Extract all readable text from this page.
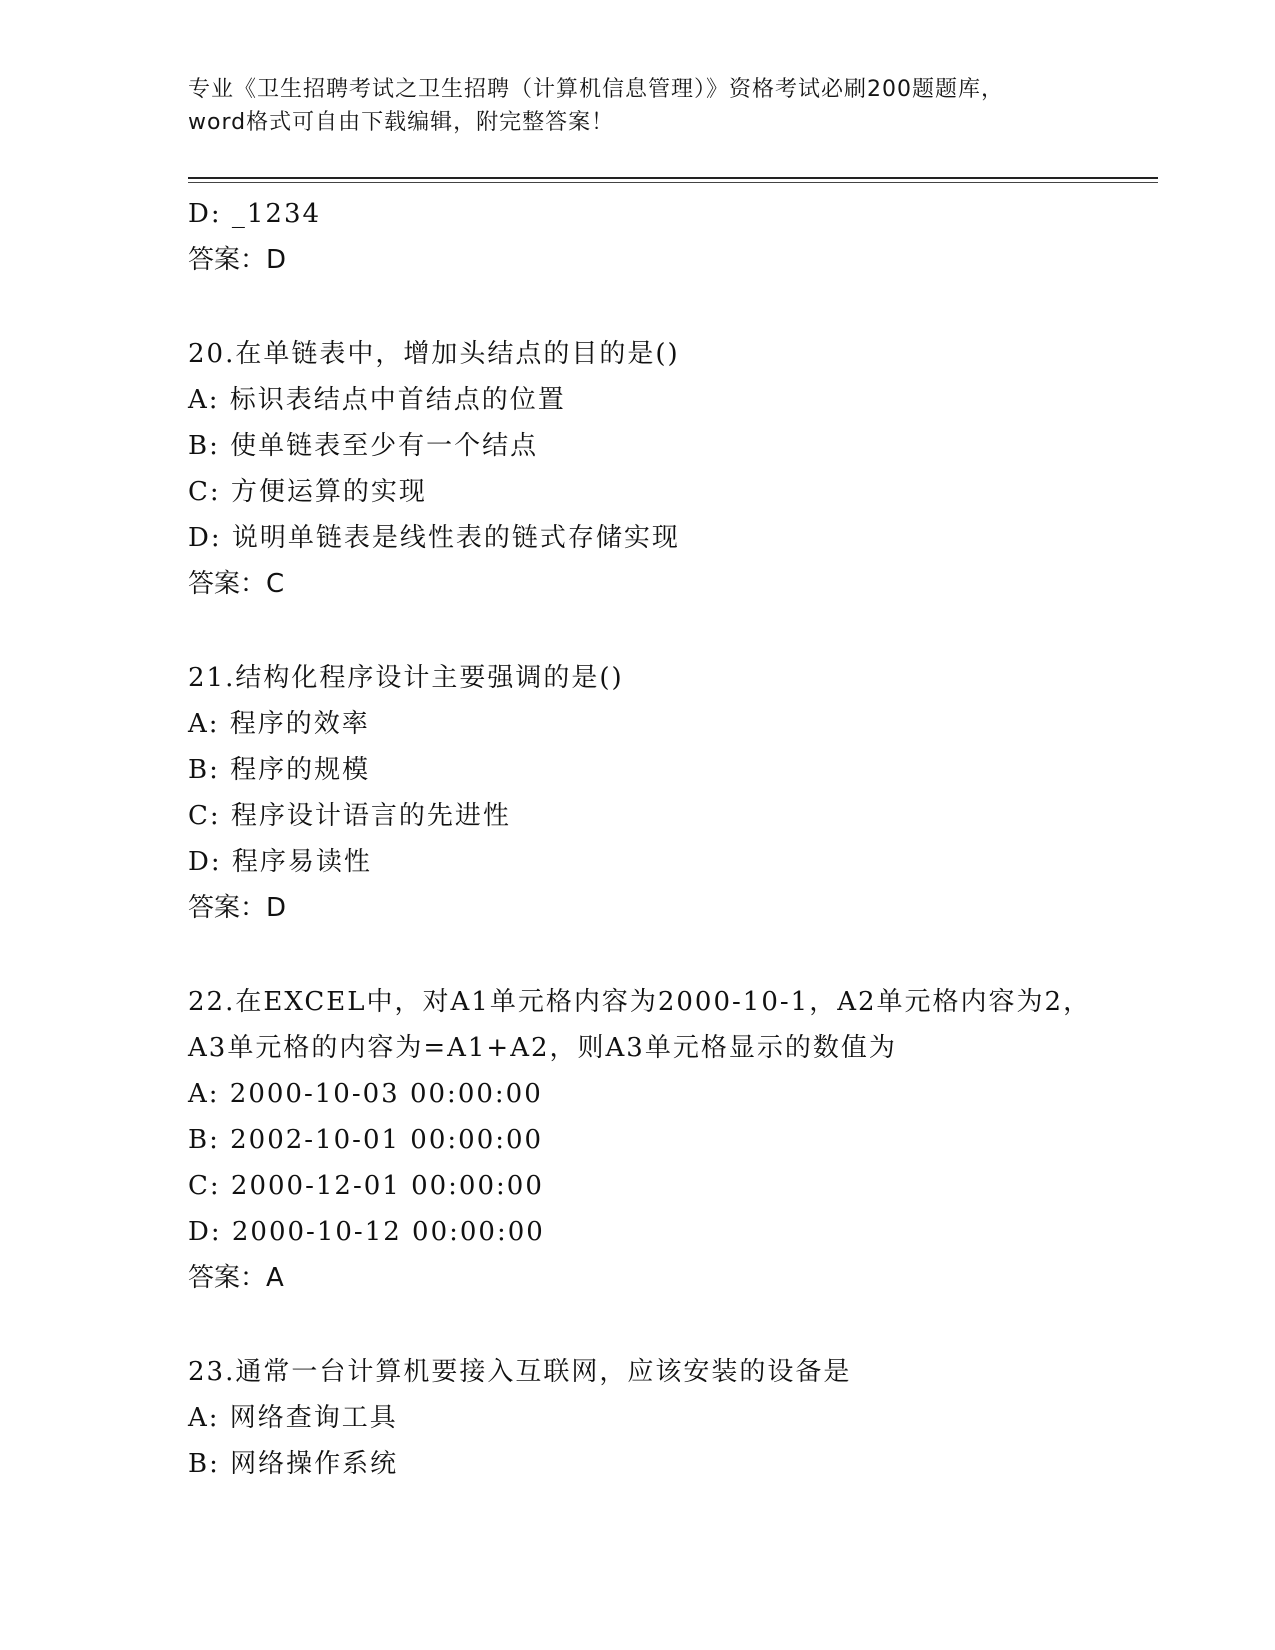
专业《卫生招聘考试之卫生招聘（计算机信息管理）》资格考试必刷200题题库，
word格式可自由下载编辑，附完整答案！
D: _1234
答案：D
20.在单链表中，增加头结点的目的是()
A: 标识表结点中首结点的位置
B: 使单链表至少有一个结点
C: 方便运算的实现
D: 说明单链表是线性表的链式存储实现
答案：C
21.结构化程序设计主要强调的是()
A: 程序的效率
B: 程序的规模
C: 程序设计语言的先进性
D: 程序易读性
答案：D
22.在EXCEL中，对A1单元格内容为2000-10-1，A2单元格内容为2，
A3单元格的内容为=A1+A2，则A3单元格显示的数值为
A: 2000-10-03 00:00:00
B: 2002-10-01 00:00:00
C: 2000-12-01 00:00:00
D: 2000-10-12 00:00:00
答案：A
23.通常一台计算机要接入互联网，应该安装的设备是
A: 网络查询工具
B: 网络操作系统
